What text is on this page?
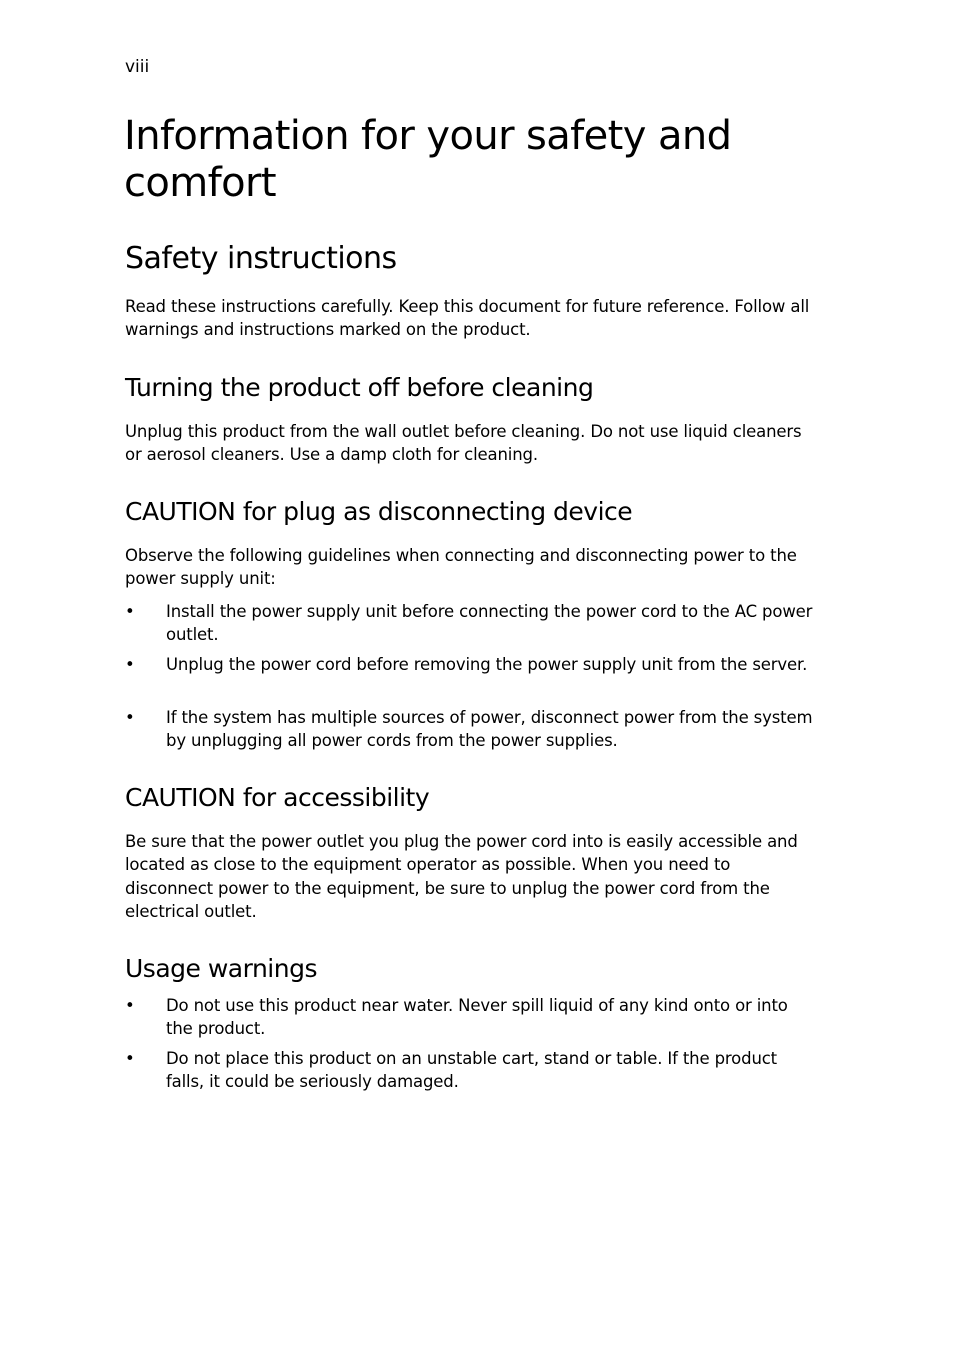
viii
Information for your safety and comfort
Safety instructions

Read these instructions carefully. Keep this document for future reference. Follow all warnings and instructions marked on the product.

Turning the product off before cleaning

Unplug this product from the wall outlet before cleaning. Do not use liquid cleaners or aerosol cleaners. Use a damp cloth for cleaning.

CAUTION for plug as disconnecting device

Observe the following guidelines when connecting and disconnecting power to the power supply unit:

• Install the power supply unit before connecting the power cord to the AC power outlet.
• Unplug the power cord before removing the power supply unit from the server.
• If the system has multiple sources of power, disconnect power from the system by unplugging all power cords from the power supplies.
CAUTION for accessibility

Be sure that the power outlet you plug the power cord into is easily accessible and located as close to the equipment operator as possible. When you need to disconnect power to the equipment, be sure to unplug the power cord from the electrical outlet.

Usage warnings
• Do not use this product near water. Never spill liquid of any kind onto or into the product.
• Do not place this product on an unstable cart, stand or table. If the product falls, it could be seriously damaged.
